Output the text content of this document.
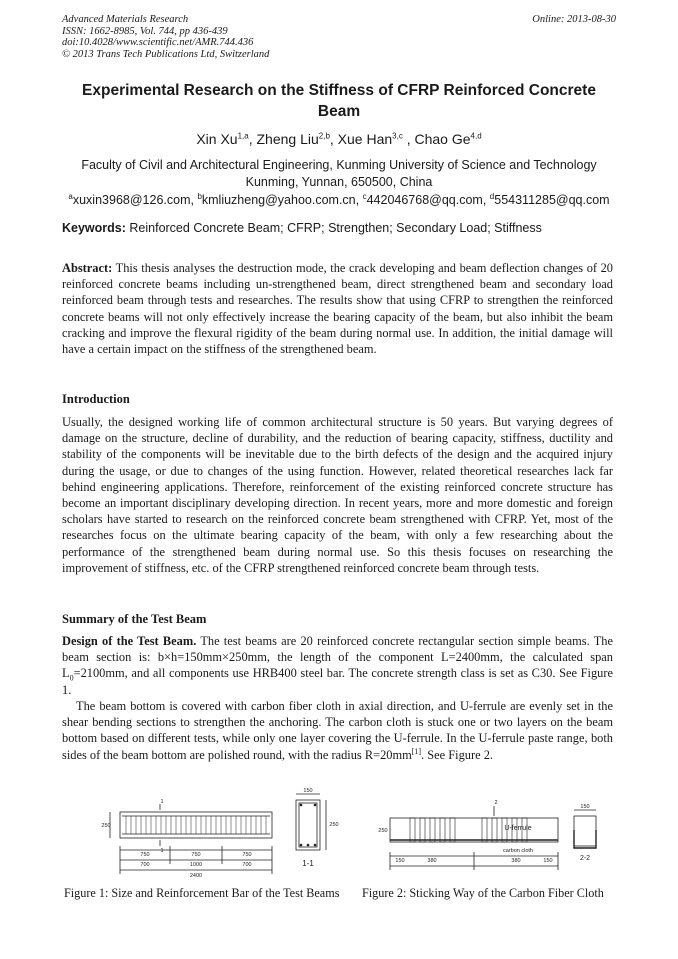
Advanced Materials Research
ISSN: 1662-8985, Vol. 744, pp 436-439
doi:10.4028/www.scientific.net/AMR.744.436
© 2013 Trans Tech Publications Ltd, Switzerland
Online: 2013-08-30
Experimental Research on the Stiffness of CFRP Reinforced Concrete Beam
Xin Xu$^{1,a}$, Zheng Liu$^{2,b}$, Xue Han$^{3,c}$ , Chao Ge$^{4,d}$
Faculty of Civil and Architectural Engineering, Kunming University of Science and Technology Kunming, Yunnan, 650500, China
$^a$xuxin3968@126.com, $^b$kmliuzheng@yahoo.com.cn, $^c$442046768@qq.com, $^d$554311285@qq.com
Keywords: Reinforced Concrete Beam; CFRP; Strengthen; Secondary Load; Stiffness
Abstract: This thesis analyses the destruction mode, the crack developing and beam deflection changes of 20 reinforced concrete beams including un-strengthened beam, direct strengthened beam and secondary load reinforced beam through tests and researches. The results show that using CFRP to strengthen the reinforced concrete beams will not only effectively increase the bearing capacity of the beam, but also inhibit the beam cracking and improve the flexural rigidity of the beam during normal use. In addition, the initial damage will have a certain impact on the stiffness of the strengthened beam.
Introduction
Usually, the designed working life of common architectural structure is 50 years. But varying degrees of damage on the structure, decline of durability, and the reduction of bearing capacity, stiffness, ductility and stability of the components will be inevitable due to the birth defects of the design and the acquired injury during the usage, or due to changes of the using function. However, related theoretical researches lack far behind engineering applications. Therefore, reinforcement of the existing reinforced concrete structure has become an important disciplinary developing direction. In recent years, more and more domestic and foreign scholars have started to research on the reinforced concrete beam strengthened with CFRP. Yet, most of the researches focus on the ultimate bearing capacity of the beam, with only a few researching about the performance of the strengthened beam during normal use. So this thesis focuses on researching the improvement of stiffness, etc. of the CFRP strengthened reinforced concrete beam through tests.
Summary of the Test Beam
Design of the Test Beam. The test beams are 20 reinforced concrete rectangular section simple beams. The beam section is: b×h=150mm×250mm, the length of the component L=2400mm, the calculated span $L_0=2100mm$, and all components use HRB400 steel bar. The concrete strength class is set as C30. See Figure 1.
The beam bottom is covered with carbon fiber cloth in axial direction, and U-ferrule are evenly set in the shear bending sections to strengthen the anchoring. The carbon cloth is stuck one or two layers on the beam bottom based on different tests, while only one layer covering the U-ferrule. In the U-ferrule paste range, both sides of the beam bottom are polished round, with the radius R=20mm[1]. See Figure 2.
1
1
750	750	750
700	1000	700
2400
250
150
250
1-1
Figure 1: Size and Reinforcement Bar of the Test Beams
2
U-ferrule
carbon cloth
250
150	380	380	150
150
2-2
Figure 2: Sticking Way of the Carbon Fiber Cloth
